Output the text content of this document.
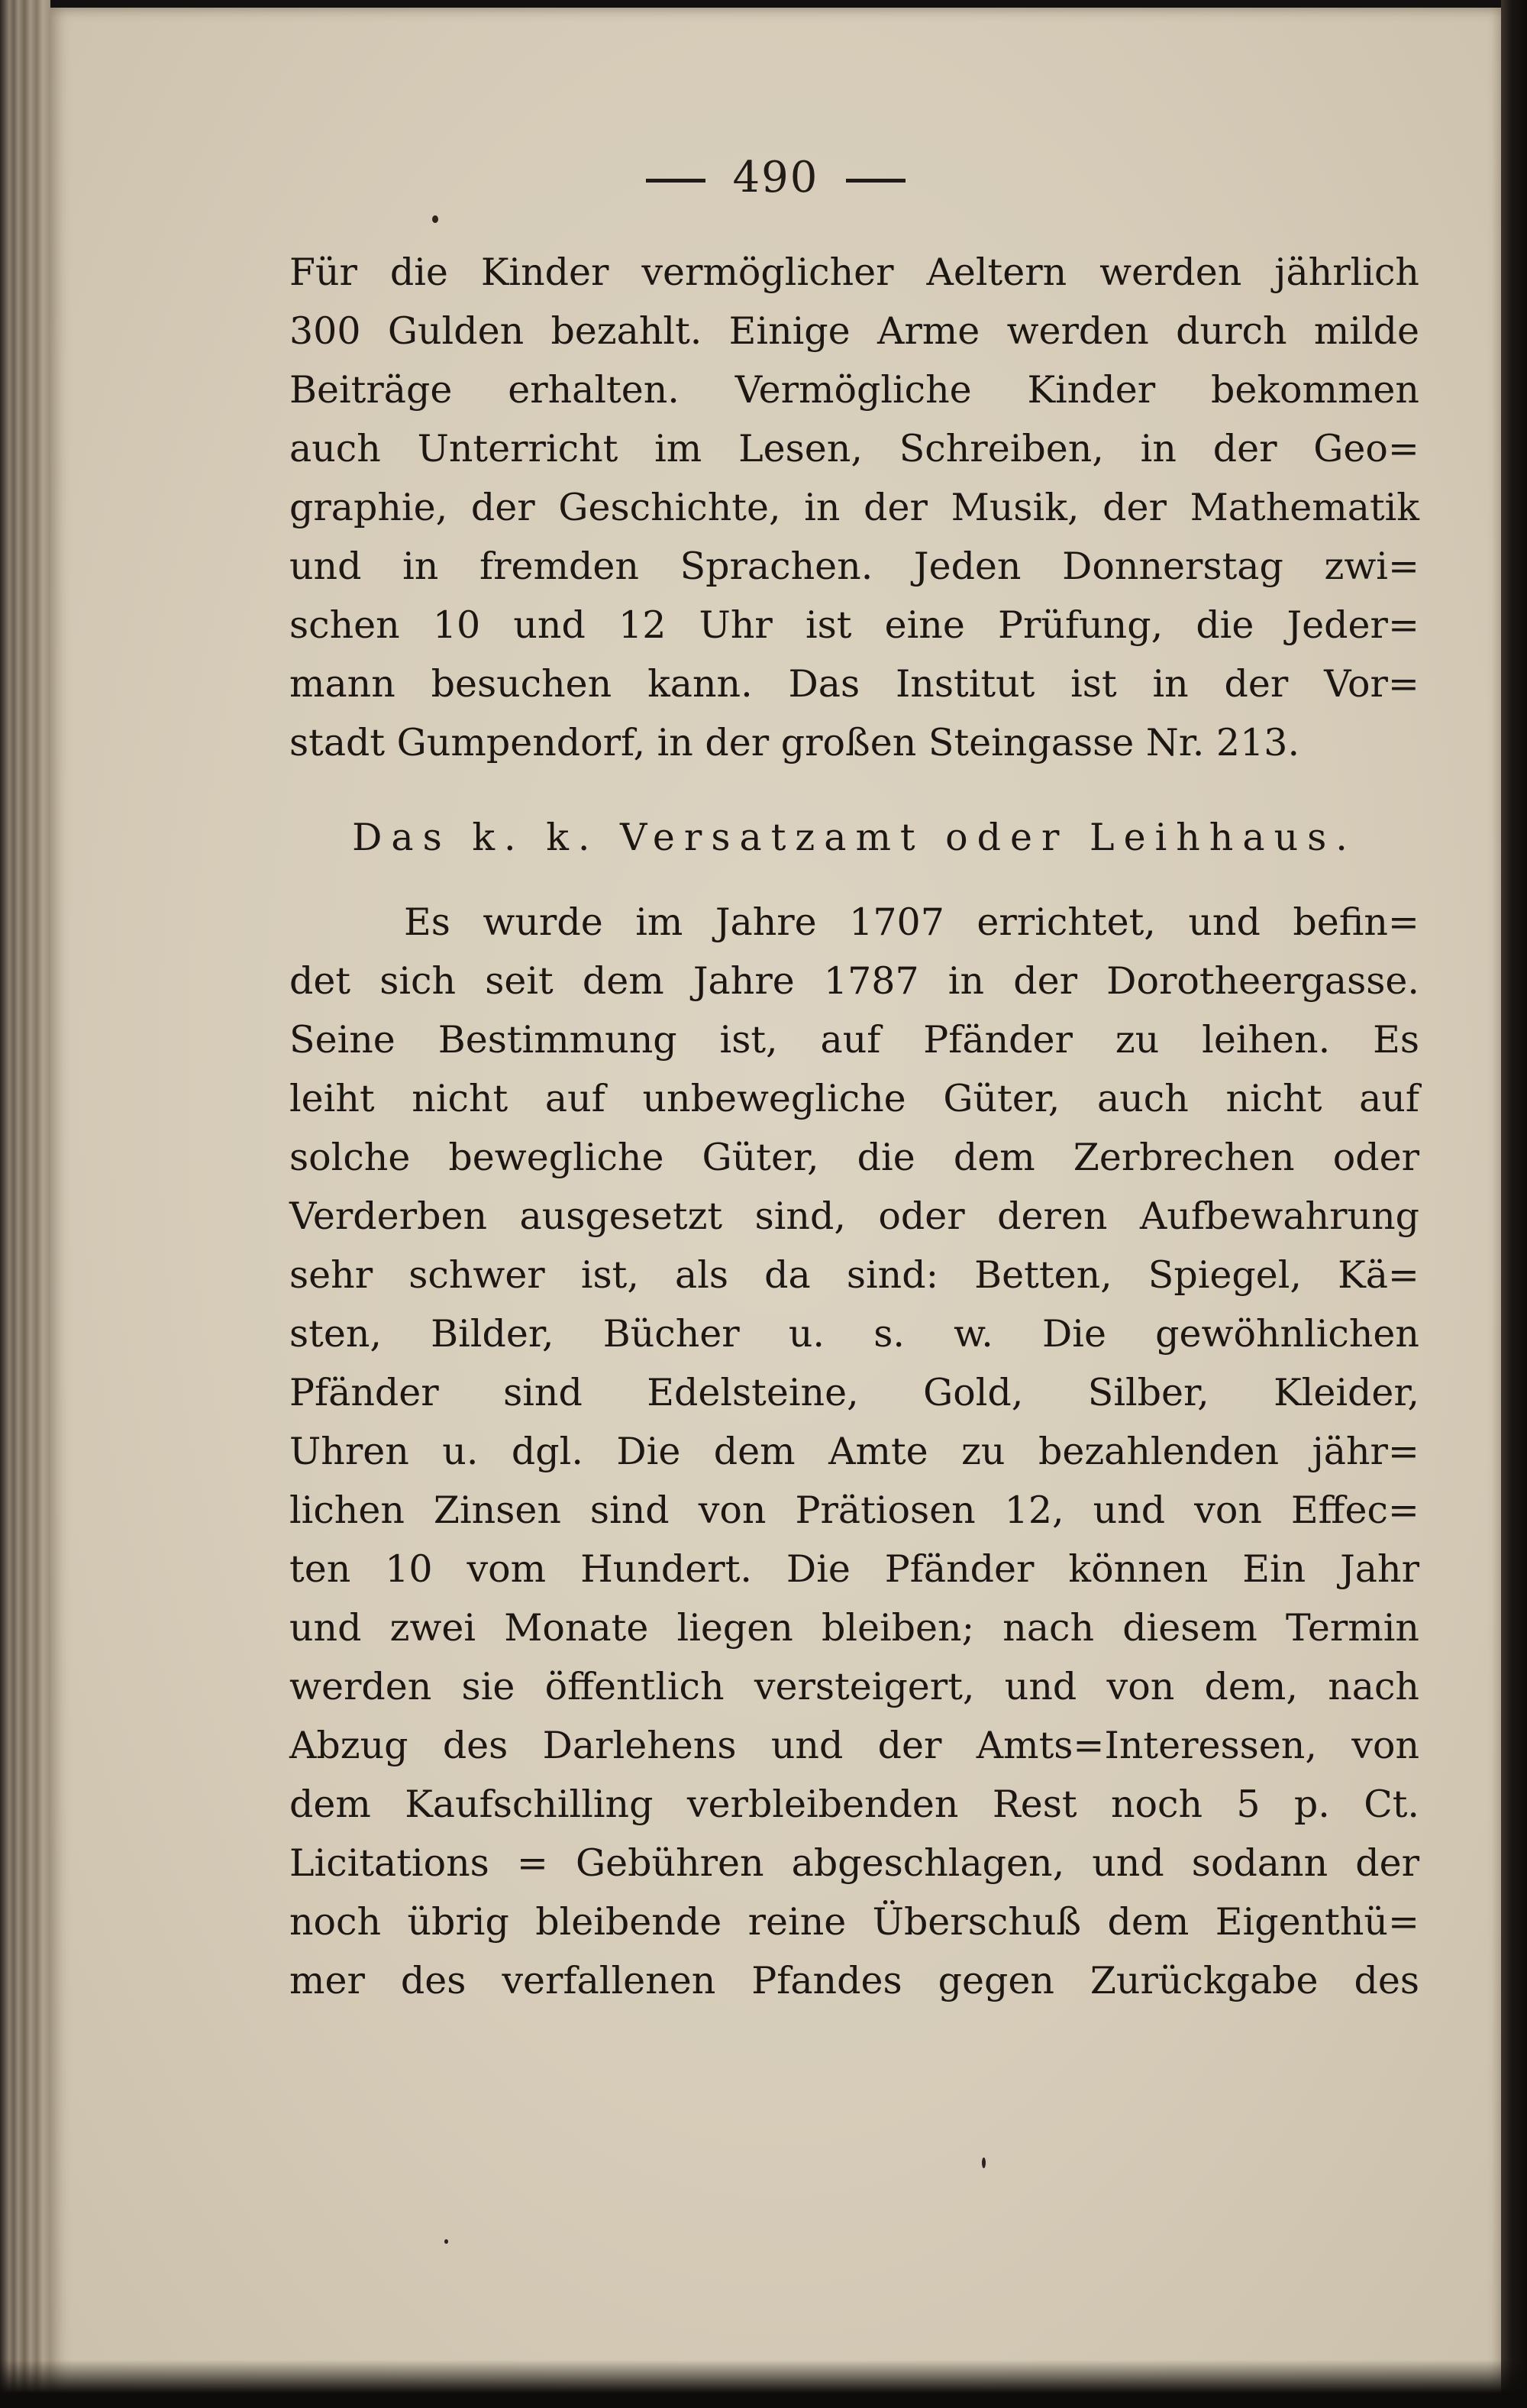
490
Für die Kinder vermöglicher Aeltern werden jährlich
300 Gulden bezahlt. Einige Arme werden durch milde
Beiträge erhalten. Vermögliche Kinder bekommen
auch Unterricht im Lesen, Schreiben, in der Geo=
graphie, der Geschichte, in der Musik, der Mathematik
und in fremden Sprachen. Jeden Donnerstag zwi=
schen 10 und 12 Uhr ist eine Prüfung, die Jeder=
mann besuchen kann. Das Institut ist in der Vor=
stadt Gumpendorf, in der großen Steingasse Nr. 213.
Das k. k. Versatzamt oder Leihhaus.
Es wurde im Jahre 1707 errichtet, und befin=
det sich seit dem Jahre 1787 in der Dorotheergasse.
Seine Bestimmung ist, auf Pfänder zu leihen. Es
leiht nicht auf unbewegliche Güter, auch nicht auf
solche bewegliche Güter, die dem Zerbrechen oder
Verderben ausgesetzt sind, oder deren Aufbewahrung
sehr schwer ist, als da sind: Betten, Spiegel, Kä=
sten, Bilder, Bücher u. s. w. Die gewöhnlichen
Pfänder sind Edelsteine, Gold, Silber, Kleider,
Uhren u. dgl. Die dem Amte zu bezahlenden jähr=
lichen Zinsen sind von Prätiosen 12, und von Effec=
ten 10 vom Hundert. Die Pfänder können Ein Jahr
und zwei Monate liegen bleiben; nach diesem Termin
werden sie öffentlich versteigert, und von dem, nach
Abzug des Darlehens und der Amts=Interessen, von
dem Kaufschilling verbleibenden Rest noch 5 p. Ct.
Licitations = Gebühren abgeschlagen, und sodann der
noch übrig bleibende reine Überschuß dem Eigenthü=
mer des verfallenen Pfandes gegen Zurückgabe des
